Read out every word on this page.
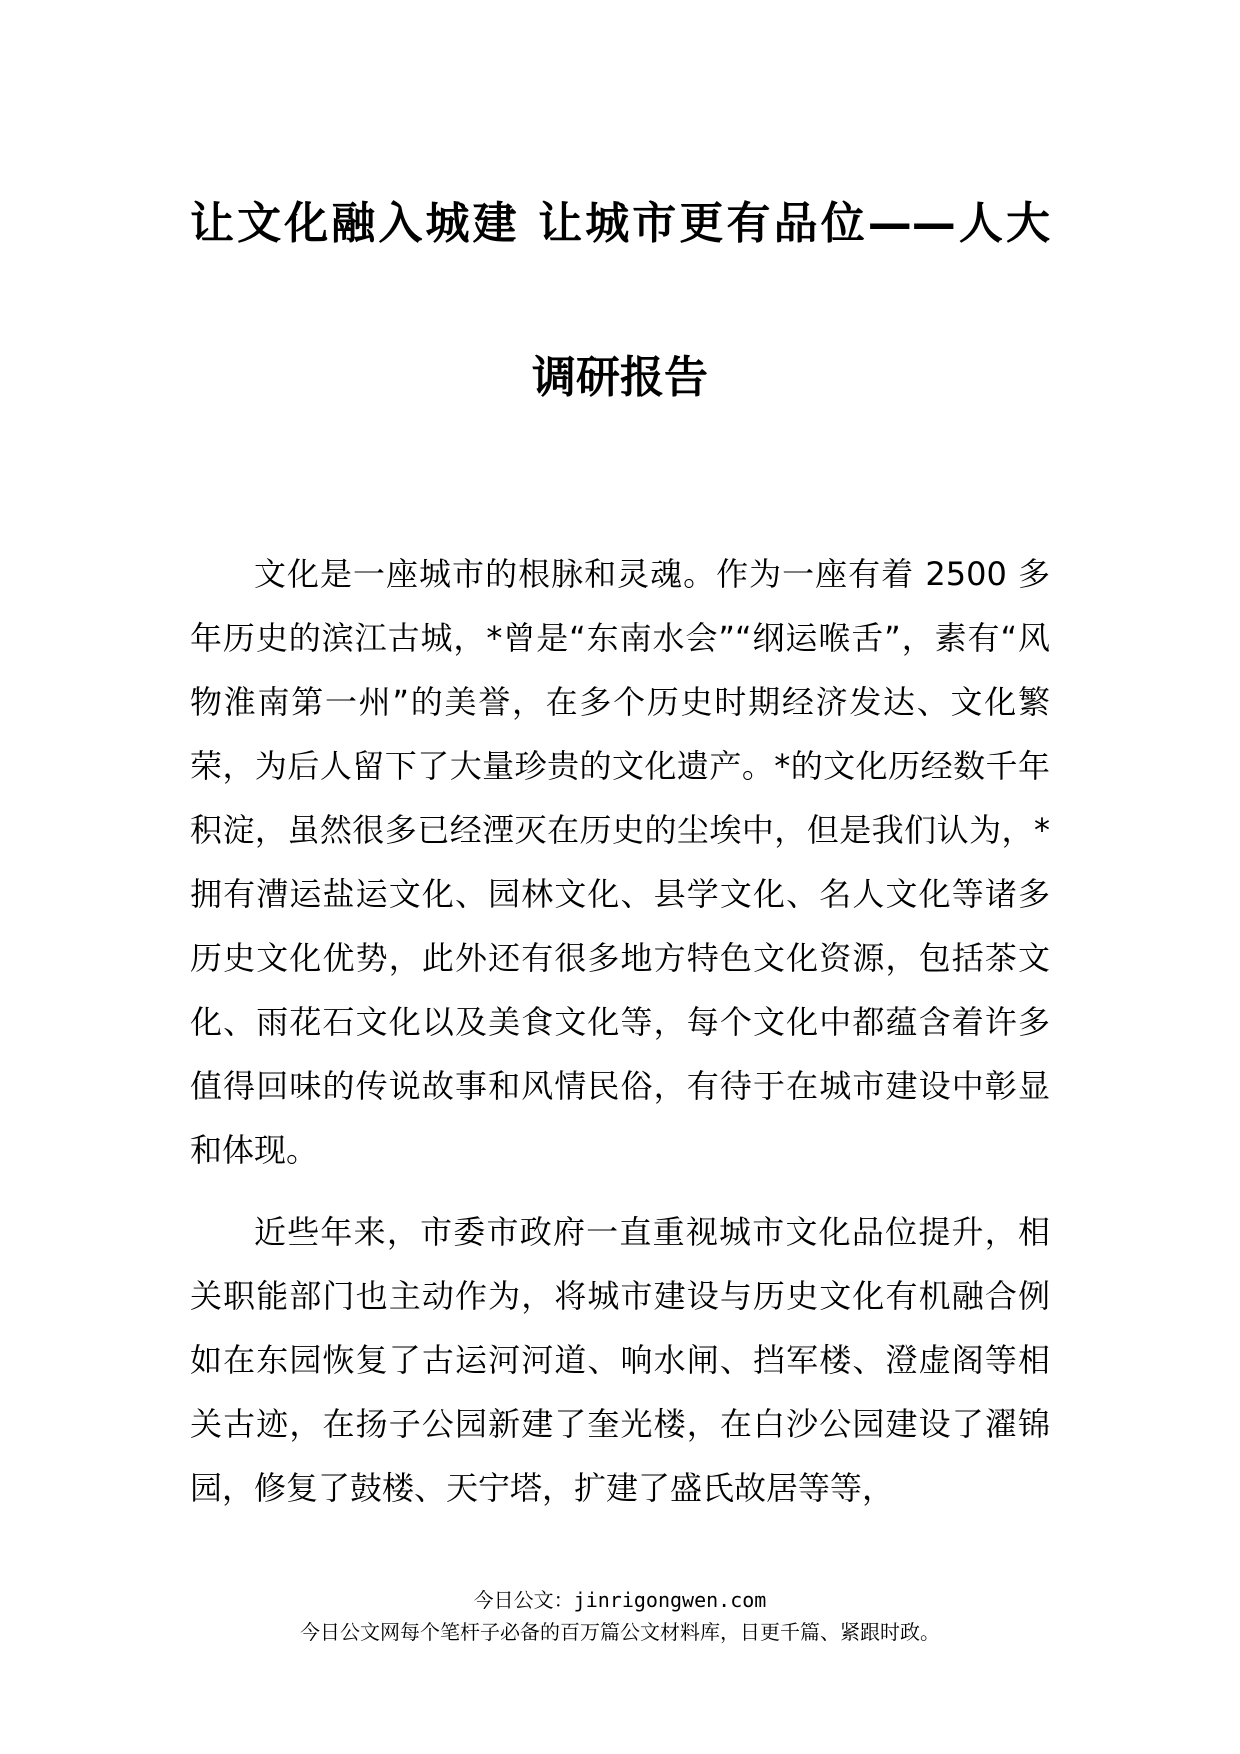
让文化融入城建 让城市更有品位——人大
调研报告

文化是一座城市的根脉和灵魂。作为一座有着 2500 多年历史的滨江古城，*曾是“东南水会”“纲运喉舌”，素有“风物淮南第一州”的美誉，在多个历史时期经济发达、文化繁荣，为后人留下了大量珍贵的文化遗产。*的文化历经数千年积淀，虽然很多已经湮灭在历史的尘埃中，但是我们认为，*拥有漕运盐运文化、园林文化、县学文化、名人文化等诸多历史文化优势，此外还有很多地方特色文化资源，包括茶文化、雨花石文化以及美食文化等，每个文化中都蕴含着许多值得回味的传说故事和风情民俗，有待于在城市建设中彰显和体现。

近些年来，市委市政府一直重视城市文化品位提升，相关职能部门也主动作为，将城市建设与历史文化有机融合例如在东园恢复了古运河河道、响水闸、挡军楼、澄虚阁等相关古迹，在扬子公园新建了奎光楼，在白沙公园建设了濯锦园，修复了鼓楼、天宁塔，扩建了盛氏故居等等，

今日公文：jinrigongwen.com
今日公文网每个笔杆子必备的百万篇公文材料库，日更千篇、紧跟时政。
